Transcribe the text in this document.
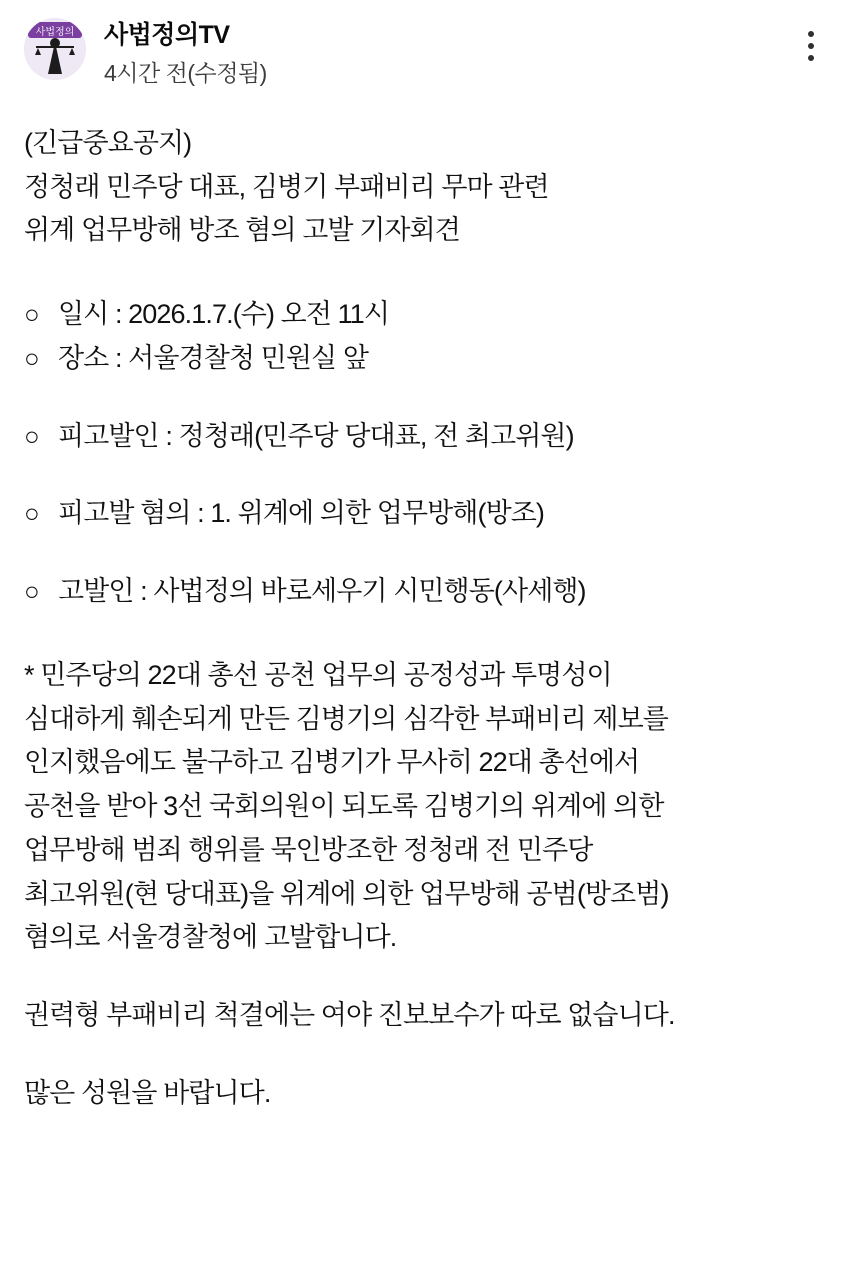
사법정의 사법정의TV
4시간 전(수정됨)
(긴급중요공지)
정청래 민주당 대표, 김병기 부패비리 무마 관련
위계 업무방해 방조 혐의 고발 기자회견
○ 일시 : 2026.1.7.(수) 오전 11시
○ 장소 : 서울경찰청 민원실 앞
○ 피고발인 : 정청래(민주당 당대표, 전 최고위원)
○ 피고발 혐의 : 1. 위계에 의한 업무방해(방조)
○ 고발인 : 사법정의 바로세우기 시민행동(사세행)
* 민주당의 22대 총선 공천 업무의 공정성과 투명성이
심대하게 훼손되게 만든 김병기의 심각한 부패비리 제보를
인지했음에도 불구하고 김병기가 무사히 22대 총선에서
공천을 받아 3선 국회의원이 되도록 김병기의 위계에 의한
업무방해 범죄 행위를 묵인방조한 정청래 전 민주당
최고위원(현 당대표)을 위계에 의한 업무방해 공범(방조범)
혐의로 서울경찰청에 고발합니다.
권력형 부패비리 척결에는 여야 진보보수가 따로 없습니다.
많은 성원을 바랍니다.
